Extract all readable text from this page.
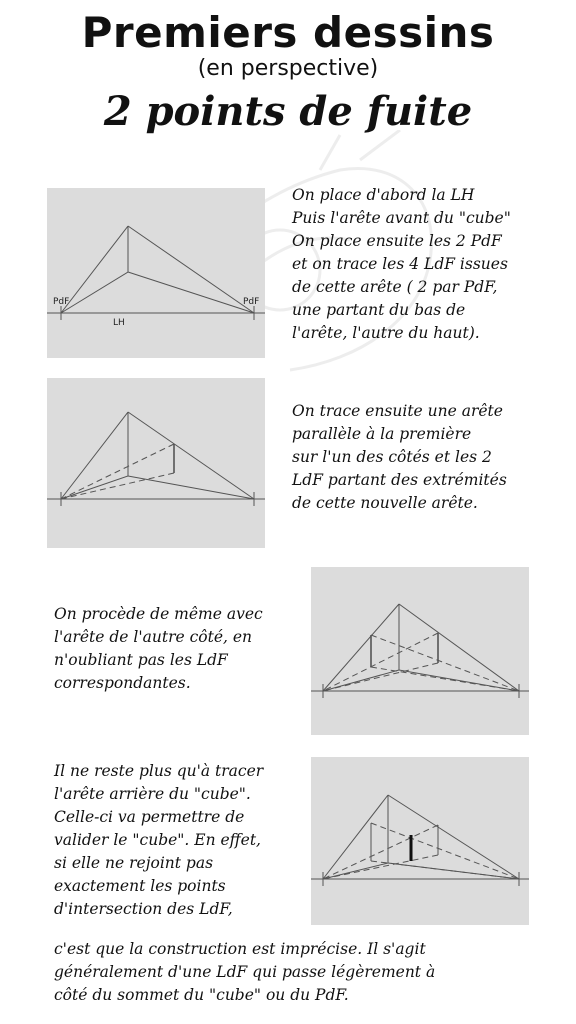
Premiers dessins
(en perspective)
2 points de fuite
PdF	PdF
LH
On place d'abord la LH
Puis l'arête avant du "cube"
On place ensuite les 2 PdF
et on trace les 4 LdF issues
de cette arête ( 2 par PdF,
une partant du bas de
l'arête, l'autre du haut).
On trace ensuite une arête
parallèle à la première
sur l'un des côtés et les 2
LdF partant des extrémités
de cette nouvelle arête.
On procède de même avec
l'arête de l'autre côté, en
n'oubliant pas les LdF
correspondantes.
Il ne reste plus qu'à tracer
l'arête arrière du "cube".
Celle-ci va permettre de
valider le "cube". En effet,
si elle ne rejoint pas
exactement les points
d'intersection des LdF,
c'est que la construction est imprécise. Il s'agit
généralement d'une LdF qui passe légèrement à
côté du sommet du "cube" ou du PdF.
